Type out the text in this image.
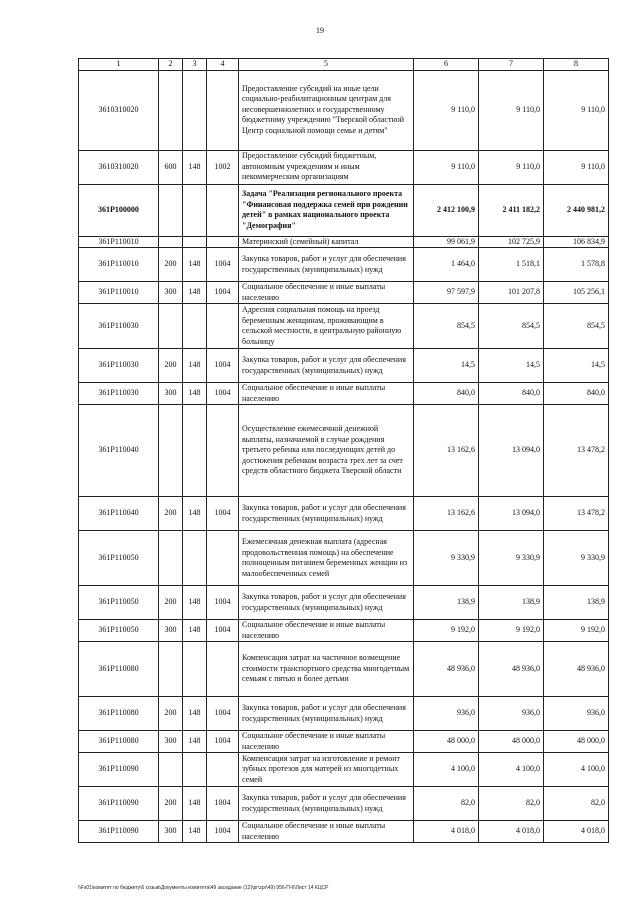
19
1	2	3	4	5	6	7	8
3610310020				Предоставление субсидий на иные цели социально-реабилитационным центрам для несовершеннолетних и государственному бюджетному учреждению "Тверской областной Центр социальной помощи семье и детям"	9 110,0	9 110,0	9 110,0
3610310020	600	148	1002	Предоставление субсидий бюджетным, автономным учреждениям и иным некоммерческим организациям	9 110,0	9 110,0	9 110,0
361P100000				Задача "Реализация регионального проекта "Финансовая поддержка семей при рождении детей" в рамках национального проекта "Демография"	2 412 100,9	2 411 182,2	2 440 981,2
361P110010				Материнский (семейный) капитал	99 061,9	102 725,9	106 834,9
361P110010	200	148	1004	Закупка товаров, работ и услуг для обеспечения государственных (муниципальных) нужд	1 464,0	1 518,1	1 578,8
361P110010	300	148	1004	Социальное обеспечение и иные выплаты населению	97 597,9	101 207,8	105 256,1
361P110030				Адресная социальная помощь на проезд беременным женщинам, проживающим в сельской местности, в центральную районную больницу	854,5	854,5	854,5
361P110030	200	148	1004	Закупка товаров, работ и услуг для обеспечения государственных (муниципальных) нужд	14,5	14,5	14,5
361P110030	300	148	1004	Социальное обеспечение и иные выплаты населению	840,0	840,0	840,0
361P110040				Осуществление ежемесячной денежной выплаты, назначаемой в случае рождения третьего ребенка или последующих детей до достижения ребенком возраста трех лет за счет средств областного бюджета Тверской области	13 162,6	13 094,0	13 478,2
361P110040	200	148	1004	Закупка товаров, работ и услуг для обеспечения государственных (муниципальных) нужд	13 162,6	13 094,0	13 478,2
361P110050				Ежемесячная денежная выплата (адресная продовольственная помощь) на обеспечение полноценным питанием беременных женщин из малообеспеченных семей	9 330,9	9 330,9	9 330,9
361P110050	200	148	1004	Закупка товаров, работ и услуг для обеспечения государственных (муниципальных) нужд	138,9	138,9	138,9
361P110050	300	148	1004	Социальное обеспечение и иные выплаты населению	9 192,0	9 192,0	9 192,0
361P110080				Компенсация затрат на частичное возмещение стоимости транспортного средства многодетным семьям с пятью и более детьми	48 936,0	48 936,0	48 936,0
361P110080	200	148	1004	Закупка товаров, работ и услуг для обеспечения государственных (муниципальных) нужд	936,0	936,0	936,0
361P110080	300	148	1004	Социальное обеспечение и иные выплаты населению	48 000,0	48 000,0	48 000,0
361P110090				Компенсация затрат на изготовление и ремонт зубных протезов для матерей из многодетных семей	4 100,0	4 100,0	4 100,0
361P110090	200	148	1004	Закупка товаров, работ и услуг для обеспечения государственных (муниципальных) нужд	82,0	82,0	82,0
361P110090	300	148	1004	Социальное обеспечение и иные выплаты населению	4 018,0	4 018,0	4 018,0
\\Fs01\комитет по бюджету\6 созыв\Документы комитета\49 заседание (12)\pr\zpr\49) 956-П-6\Лист 14 КЦСР
